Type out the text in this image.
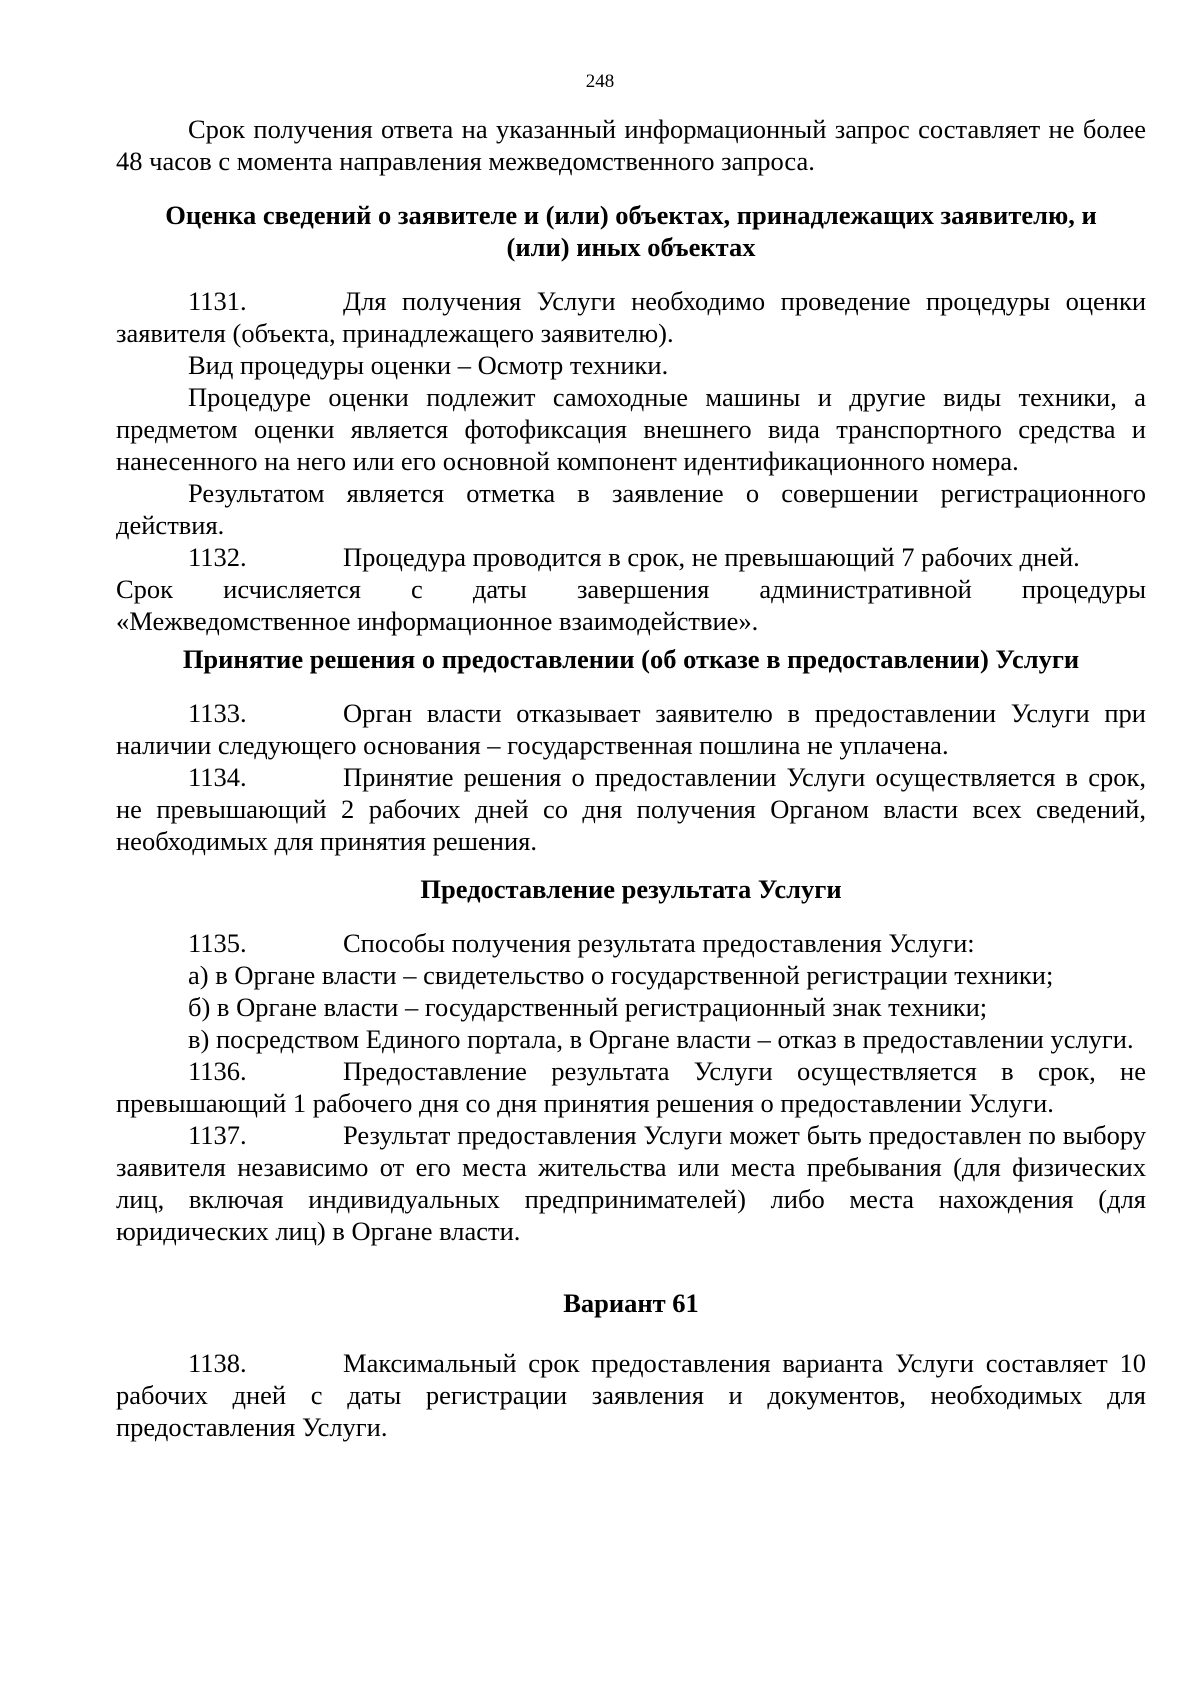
248

Срок получения ответа на указанный информационный запрос составляет не более 48 часов с момента направления межведомственного запроса.

Оценка сведений о заявителе и (или) объектах, принадлежащих заявителю, и
(или) иных объектах

1131.	Для получения Услуги необходимо проведение процедуры оценки заявителя (объекта, принадлежащего заявителю).

Вид процедуры оценки – Осмотр техники.

Процедуре оценки подлежит самоходные машины и другие виды техники, а предметом оценки является фотофиксация внешнего вида транспортного средства и нанесенного на него или его основной компонент идентификационного номера.

Результатом является отметка в заявление о совершении регистрационного действия.

1132.	Процедура проводится в срок, не превышающий 7 рабочих дней.

Срок исчисляется с даты завершения административной процедуры

«Межведомственное информационное взаимодействие».

Принятие решения о предоставлении (об отказе в предоставлении) Услуги

1133.	Орган власти отказывает заявителю в предоставлении Услуги при наличии следующего основания – государственная пошлина не уплачена.

1134.	Принятие решения о предоставлении Услуги осуществляется в срок, не превышающий 2 рабочих дней со дня получения Органом власти всех сведений, необходимых для принятия решения.

Предоставление результата Услуги

1135.	Способы получения результата предоставления Услуги:

а) в Органе власти – свидетельство о государственной регистрации техники;

б) в Органе власти – государственный регистрационный знак техники;

в) посредством Единого портала, в Органе власти – отказ в предоставлении услуги.

1136.	Предоставление результата Услуги осуществляется в срок, не превышающий 1 рабочего дня со дня принятия решения о предоставлении Услуги.

1137.	Результат предоставления Услуги может быть предоставлен по выбору заявителя независимо от его места жительства или места пребывания (для физических лиц, включая индивидуальных предпринимателей) либо места нахождения (для юридических лиц) в Органе власти.

Вариант 61

1138.	Максимальный срок предоставления варианта Услуги составляет 10 рабочих дней с даты регистрации заявления и документов, необходимых для предоставления Услуги.
